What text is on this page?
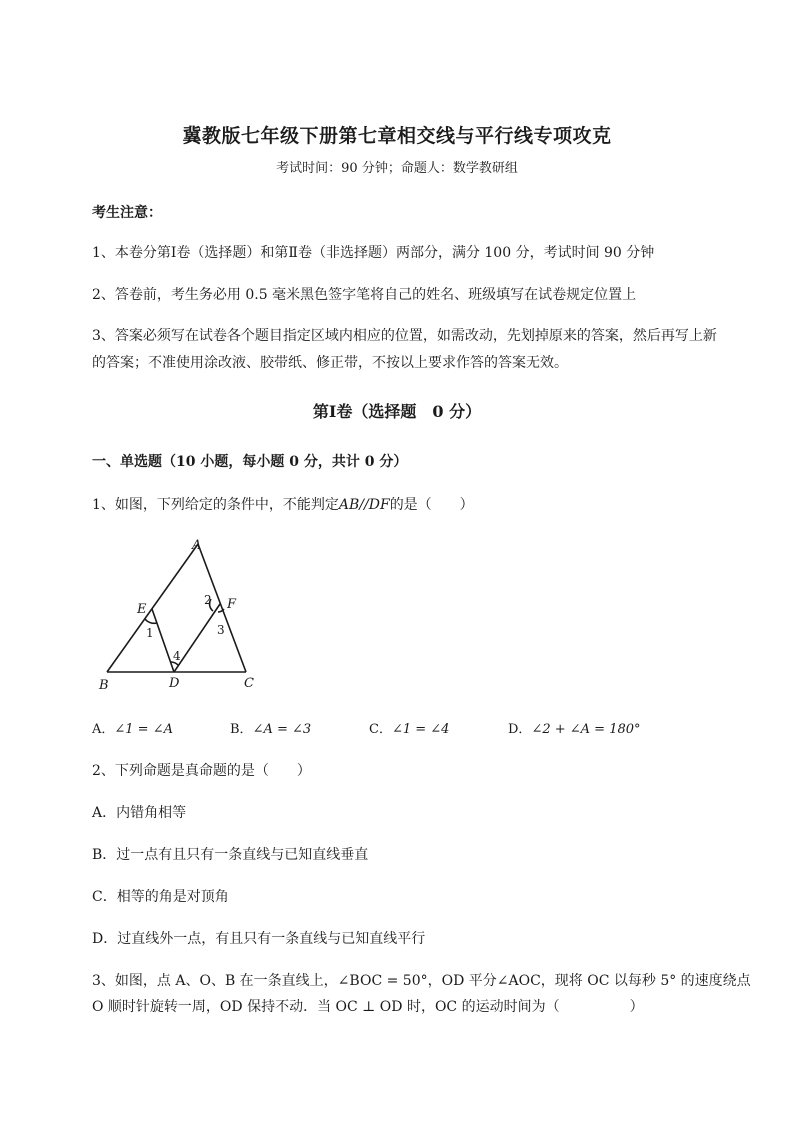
冀教版七年级下册第七章相交线与平行线专项攻克
考试时间：90 分钟；命题人：数学教研组
考生注意：
1、本卷分第Ⅰ卷（选择题）和第Ⅱ卷（非选择题）两部分，满分 100 分，考试时间 90 分钟
2、答卷前，考生务必用 0.5 毫米黑色签字笔将自己的姓名、班级填写在试卷规定位置上
3、答案必须写在试卷各个题目指定区域内相应的位置，如需改动，先划掉原来的答案，然后再写上新
的答案；不准使用涂改液、胶带纸、修正带，不按以上要求作答的答案无效。
第Ⅰ卷（选择题　0 分）
一、单选题（10 小题，每小题 0 分，共计 0 分）
1、如图，下列给定的条件中，不能判定AB//DF的是（　　）
A
B	C
D
E	F
1
2
3
4
A．∠1 = ∠A	B．∠A = ∠3	C．∠1 = ∠4	D．∠2 + ∠A = 180°
2、下列命题是真命题的是（　　）
A．内错角相等
B．过一点有且只有一条直线与已知直线垂直
C．相等的角是对顶角
D．过直线外一点，有且只有一条直线与已知直线平行
3、如图，点 A、O、B 在一条直线上，∠BOC = 50°，OD 平分∠AOC，现将 OC 以每秒 5° 的速度绕点
O 顺时针旋转一周，OD 保持不动．当 OC ⊥ OD 时，OC 的运动时间为（　　　　　）
